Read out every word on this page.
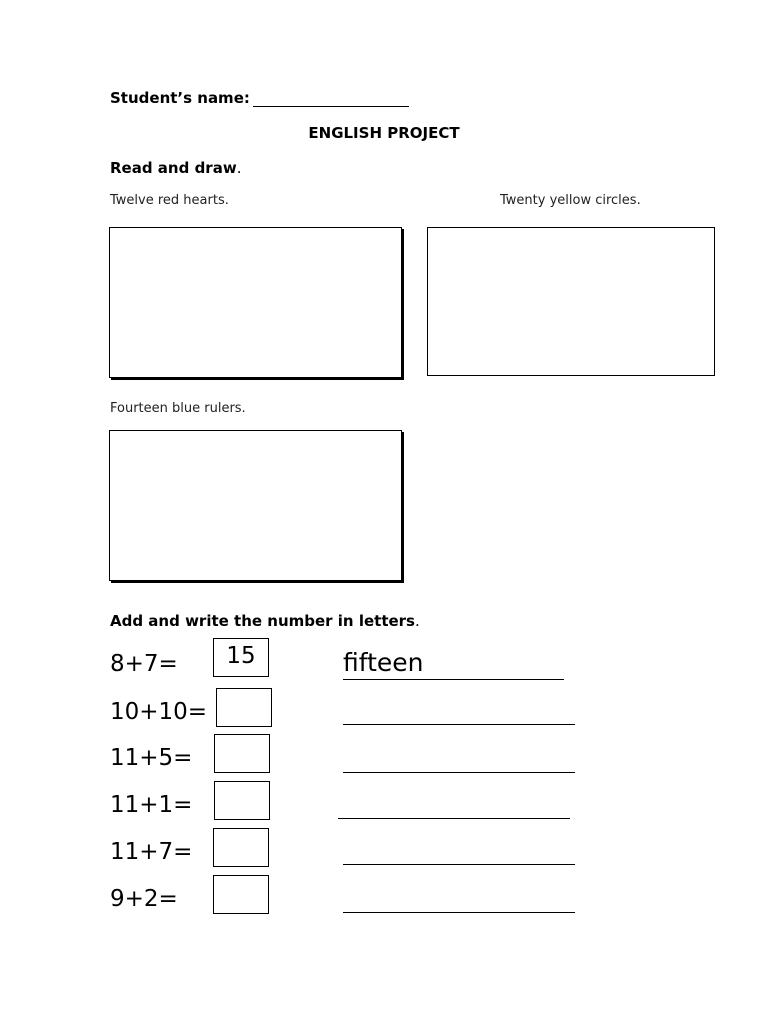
Student’s name:
ENGLISH PROJECT
Read and draw.
Twelve red hearts.	Twenty yellow circles.
Fourteen blue rulers.
Add and write the number in letters.
8+7=	15	fifteen
10+10=
11+5=
11+1=
11+7=
9+2=
